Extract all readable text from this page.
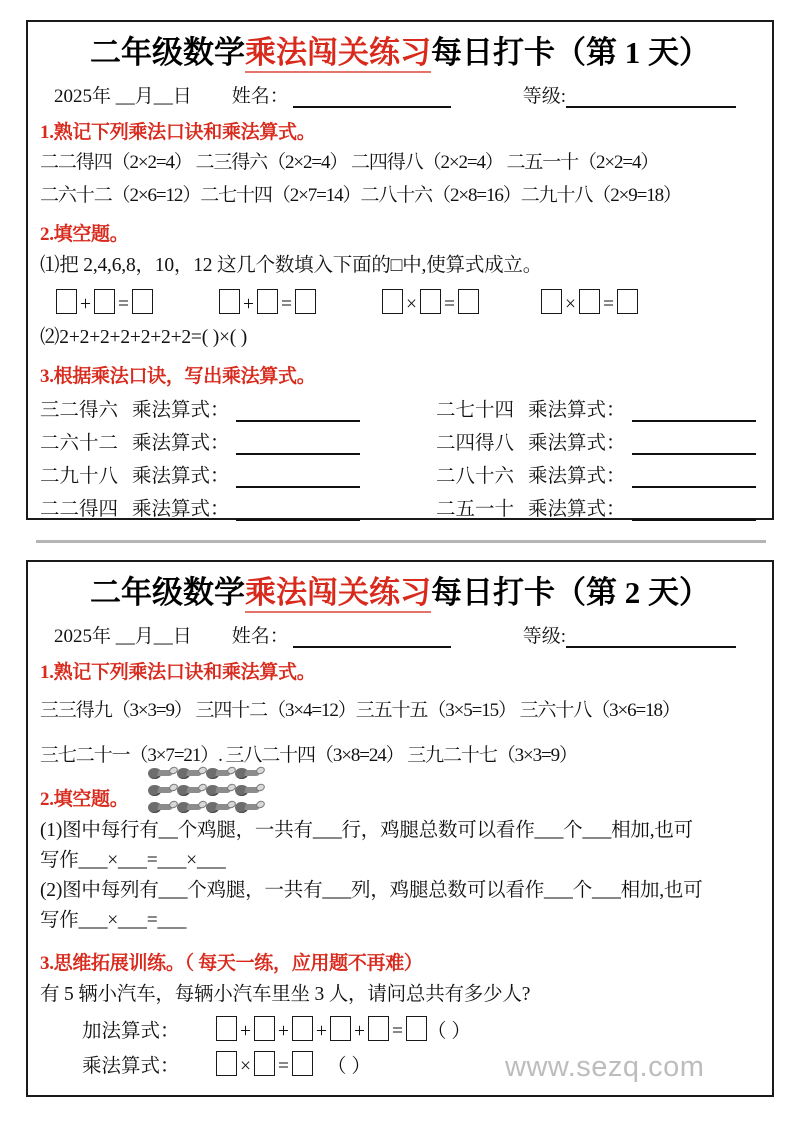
二年级数学乘法闯关练习每日打卡（第 1 天）
2025年 __月__日 姓名：	等级:
1.熟记下列乘法口诀和乘法算式。
二二得四（2×2=4） 二三得六（2×2=4） 二四得八（2×2=4） 二五一十（2×2=4）
二六十二（2×6=12）二七十四（2×7=14）二八十六（2×8=16）二九十八（2×9=18）
2.填空题。
⑴把 2,4,6,8，10，12 这几个数填入下面的□中,使算式成立。
+ =	+ =	× =	× =
⑵2+2+2+2+2+2+2=( )×( )
3.根据乘法口诀，写出乘法算式。
三二得六 乘法算式：	二七十四 乘法算式：
二六十二 乘法算式：	二四得八 乘法算式：
二九十八 乘法算式：	二八十六 乘法算式：
二二得四 乘法算式：	二五一十 乘法算式：
二年级数学乘法闯关练习每日打卡（第 2 天）
2025年 __月__日 姓名：	等级:
1.熟记下列乘法口诀和乘法算式。
三三得九（3×3=9） 三四十二（3×4=12）三五十五（3×5=15） 三六十八（3×6=18）
三七二十一（3×7=21）. 三八二十四（3×8=24） 三九二十七（3×3=9）
2.填空题。
(1)图中每行有__个鸡腿，一共有___行，鸡腿总数可以看作___个___相加,也可
写作___×___=___×___
(2)图中每列有___个鸡腿，一共有___列，鸡腿总数可以看作___个___相加,也可
写作___×___=___
3.思维拓展训练。（ 每天一练，应用题不再难）
有 5 辆小汽车，每辆小汽车里坐 3 人，请问总共有多少人?
加法算式：	+ + + + = （ ）
乘法算式：	× = （ ）	www.sezq.com
